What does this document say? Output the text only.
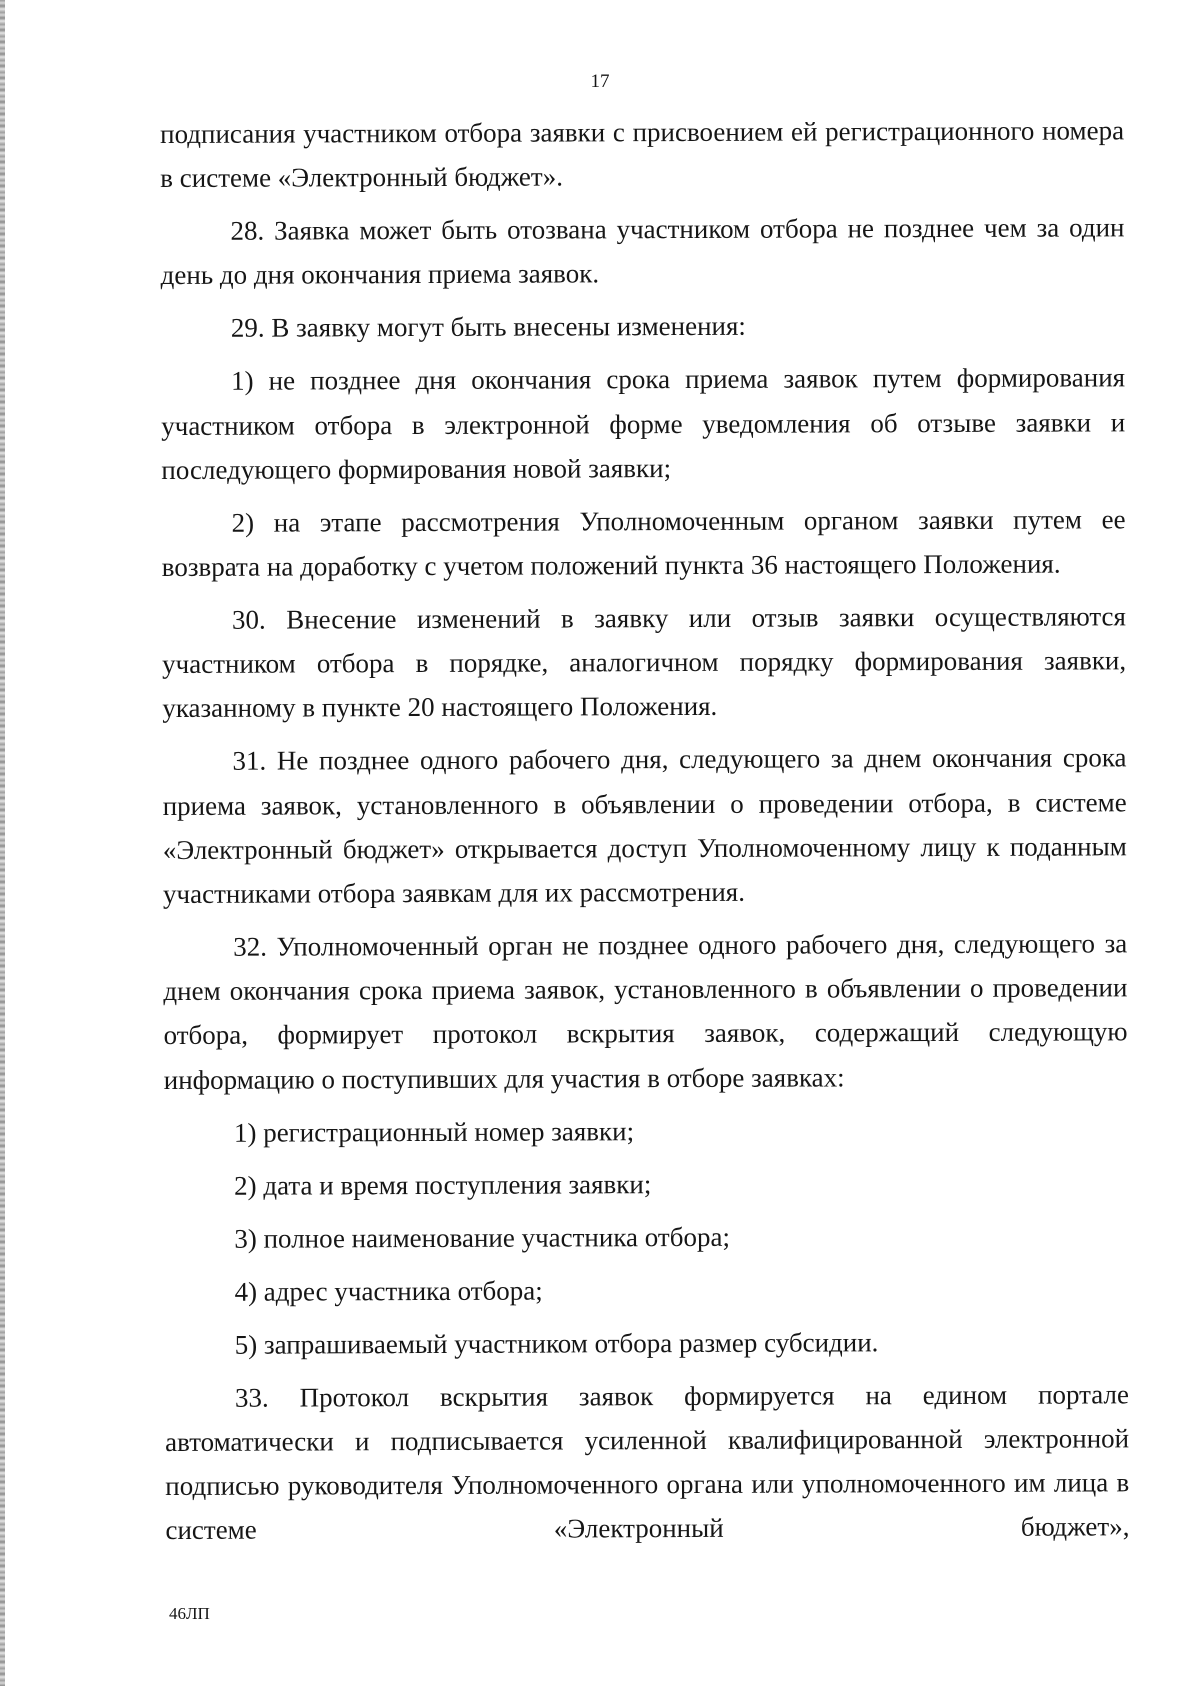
17

подписания участником отбора заявки с присвоением ей регистрационного номера в системе «Электронный бюджет».

28. Заявка может быть отозвана участником отбора не позднее чем за один день до дня окончания приема заявок.

29. В заявку могут быть внесены изменения:

1) не позднее дня окончания срока приема заявок путем формирования участником отбора в электронной форме уведомления об отзыве заявки и последующего формирования новой заявки;

2) на этапе рассмотрения Уполномоченным органом заявки путем ее возврата на доработку с учетом положений пункта 36 настоящего Положения.

30. Внесение изменений в заявку или отзыв заявки осуществляются участником отбора в порядке, аналогичном порядку формирования заявки, указанному в пункте 20 настоящего Положения.

31. Не позднее одного рабочего дня, следующего за днем окончания срока приема заявок, установленного в объявлении о проведении отбора, в системе «Электронный бюджет» открывается доступ Уполномоченному лицу к поданным участниками отбора заявкам для их рассмотрения.

32. Уполномоченный орган не позднее одного рабочего дня, следующего за днем окончания срока приема заявок, установленного в объявлении о проведении отбора, формирует протокол вскрытия заявок, содержащий следующую информацию о поступивших для участия в отборе заявках:

1) регистрационный номер заявки;

2) дата и время поступления заявки;

3) полное наименование участника отбора;

4) адрес участника отбора;

5) запрашиваемый участником отбора размер субсидии.

33. Протокол вскрытия заявок формируется на едином портале автоматически и подписывается усиленной квалифицированной электронной подписью руководителя Уполномоченного органа или уполномоченного им лица в системе «Электронный бюджет»,

46ЛП
